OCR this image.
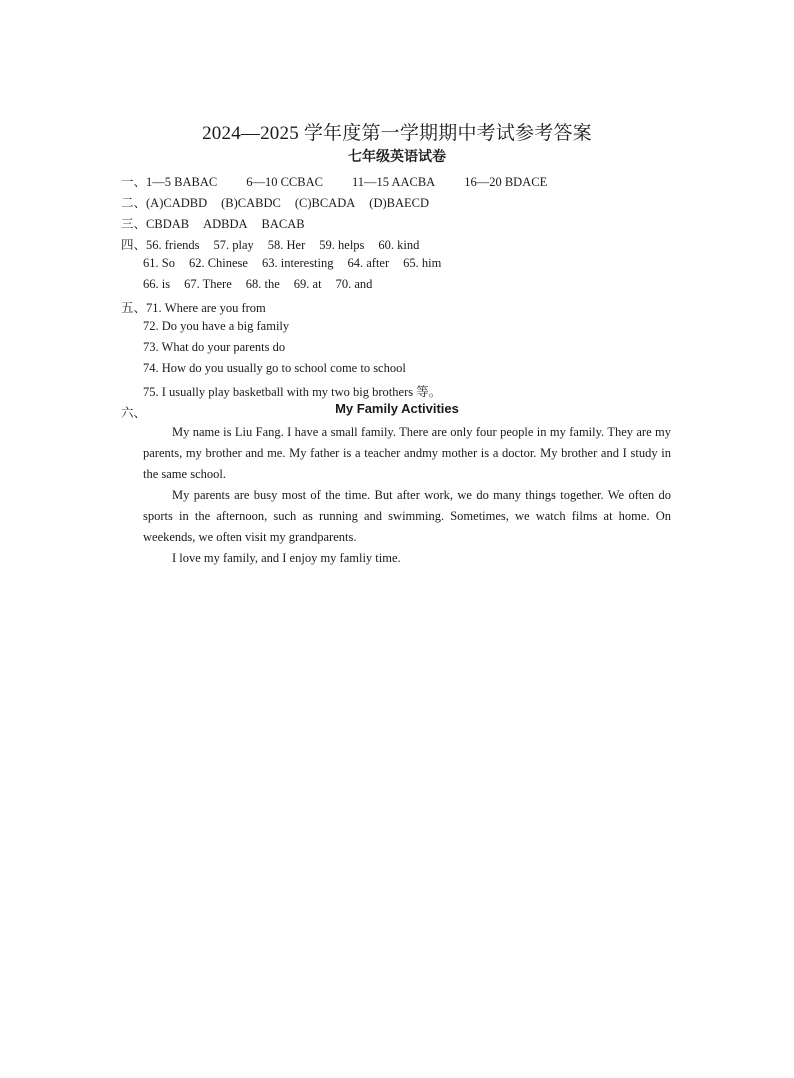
2024—2025 学年度第一学期期中考试参考答案
七年级英语试卷
一、1—5 BABAC 6—10 CCBAC 11—15 AACBA 16—20 BDACE
二、(A)CADBD (B)CABDC (C)BCADA (D)BAECD
三、CBDAB ADBDA BACAB
四、56. friends 57. play 58. Her 59. helps 60. kind
61. So 62. Chinese 63. interesting 64. after 65. him
66. is 67. There 68. the 69. at 70. and
五、71. Where are you from
72. Do you have a big family
73. What do your parents do
74. How do you usually go to school come to school
75. I usually play basketball with my two big brothers 等。
六、	My Family Activities

My name is Liu Fang. I have a small family. There are only four people in my family. They are my parents, my brother and me. My father is a teacher andmy mother is a doctor. My brother and I study in the same school.

My parents are busy most of the time. But after work, we do many things together. We often do sports in the afternoon, such as running and swimming. Sometimes, we watch films at home. On weekends, we often visit my grandparents.

I love my family, and I enjoy my famliy time.
